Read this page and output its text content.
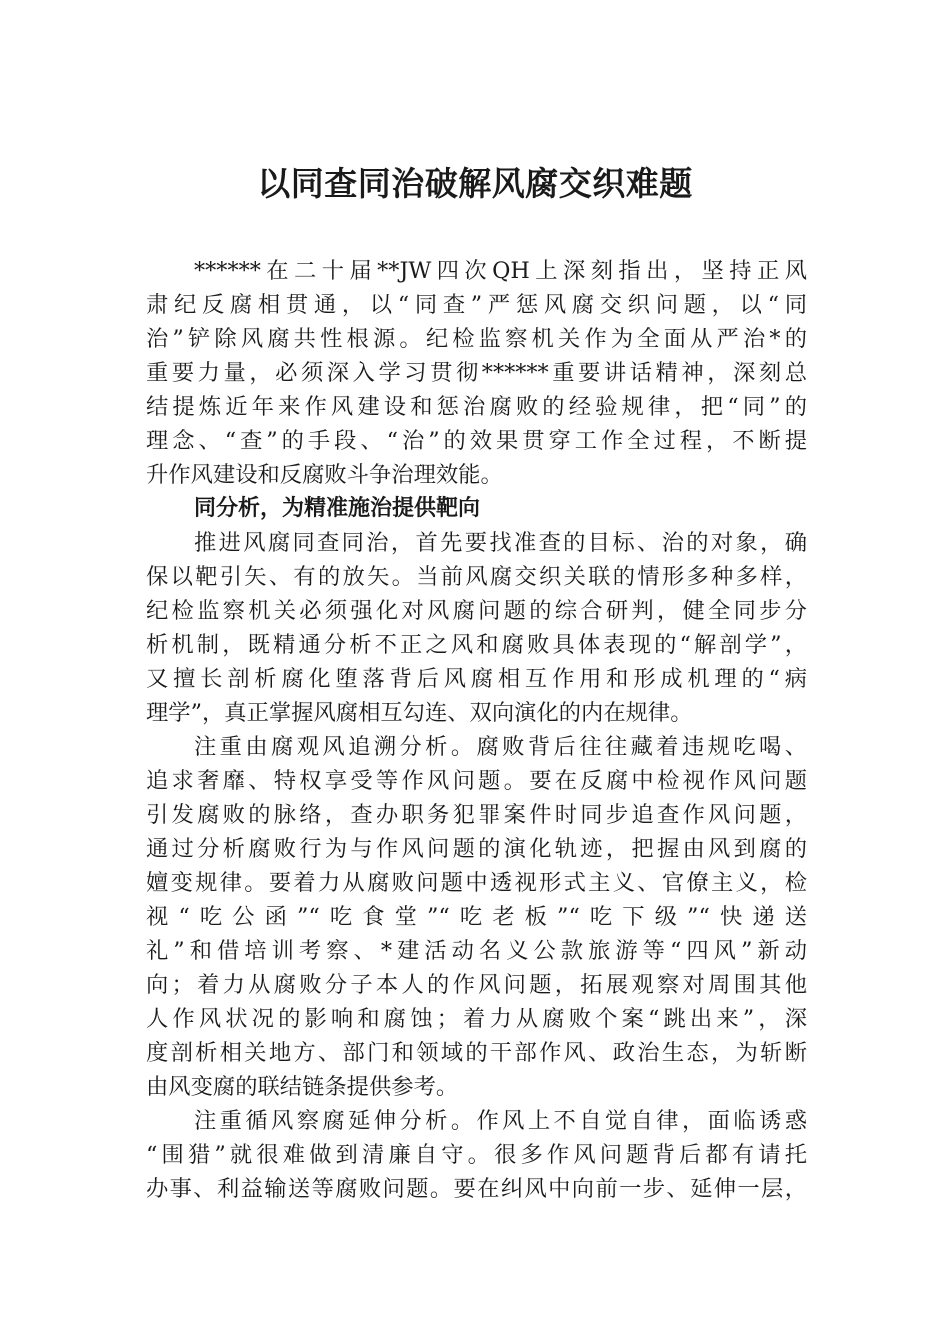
以同查同治破解风腐交织难题
******在二十届**JW四次QH上深刻指出，坚持正风
肃纪反腐相贯通，以“同查”严惩风腐交织问题，以“同
治”铲除风腐共性根源。纪检监察机关作为全面从严治*的
重要力量，必须深入学习贯彻******重要讲话精神，深刻总
结提炼近年来作风建设和惩治腐败的经验规律，把“同”的
理念、“查”的手段、“治”的效果贯穿工作全过程，不断提
升作风建设和反腐败斗争治理效能。
同分析，为精准施治提供靶向
推进风腐同查同治，首先要找准查的目标、治的对象，确
保以靶引矢、有的放矢。当前风腐交织关联的情形多种多样，
纪检监察机关必须强化对风腐问题的综合研判，健全同步分
析机制，既精通分析不正之风和腐败具体表现的“解剖学”，
又擅长剖析腐化堕落背后风腐相互作用和形成机理的“病
理学”，真正掌握风腐相互勾连、双向演化的内在规律。
注重由腐观风追溯分析。腐败背后往往藏着违规吃喝、
追求奢靡、特权享受等作风问题。要在反腐中检视作风问题
引发腐败的脉络，查办职务犯罪案件时同步追查作风问题，
通过分析腐败行为与作风问题的演化轨迹，把握由风到腐的
嬗变规律。要着力从腐败问题中透视形式主义、官僚主义，检
视“吃公函”“吃食堂”“吃老板”“吃下级”“快递送
礼”和借培训考察、*建活动名义公款旅游等“四风”新动
向；着力从腐败分子本人的作风问题，拓展观察对周围其他
人作风状况的影响和腐蚀；着力从腐败个案“跳出来”，深
度剖析相关地方、部门和领域的干部作风、政治生态，为斩断
由风变腐的联结链条提供参考。
注重循风察腐延伸分析。作风上不自觉自律，面临诱惑
“围猎”就很难做到清廉自守。很多作风问题背后都有请托
办事、利益输送等腐败问题。要在纠风中向前一步、延伸一层，
